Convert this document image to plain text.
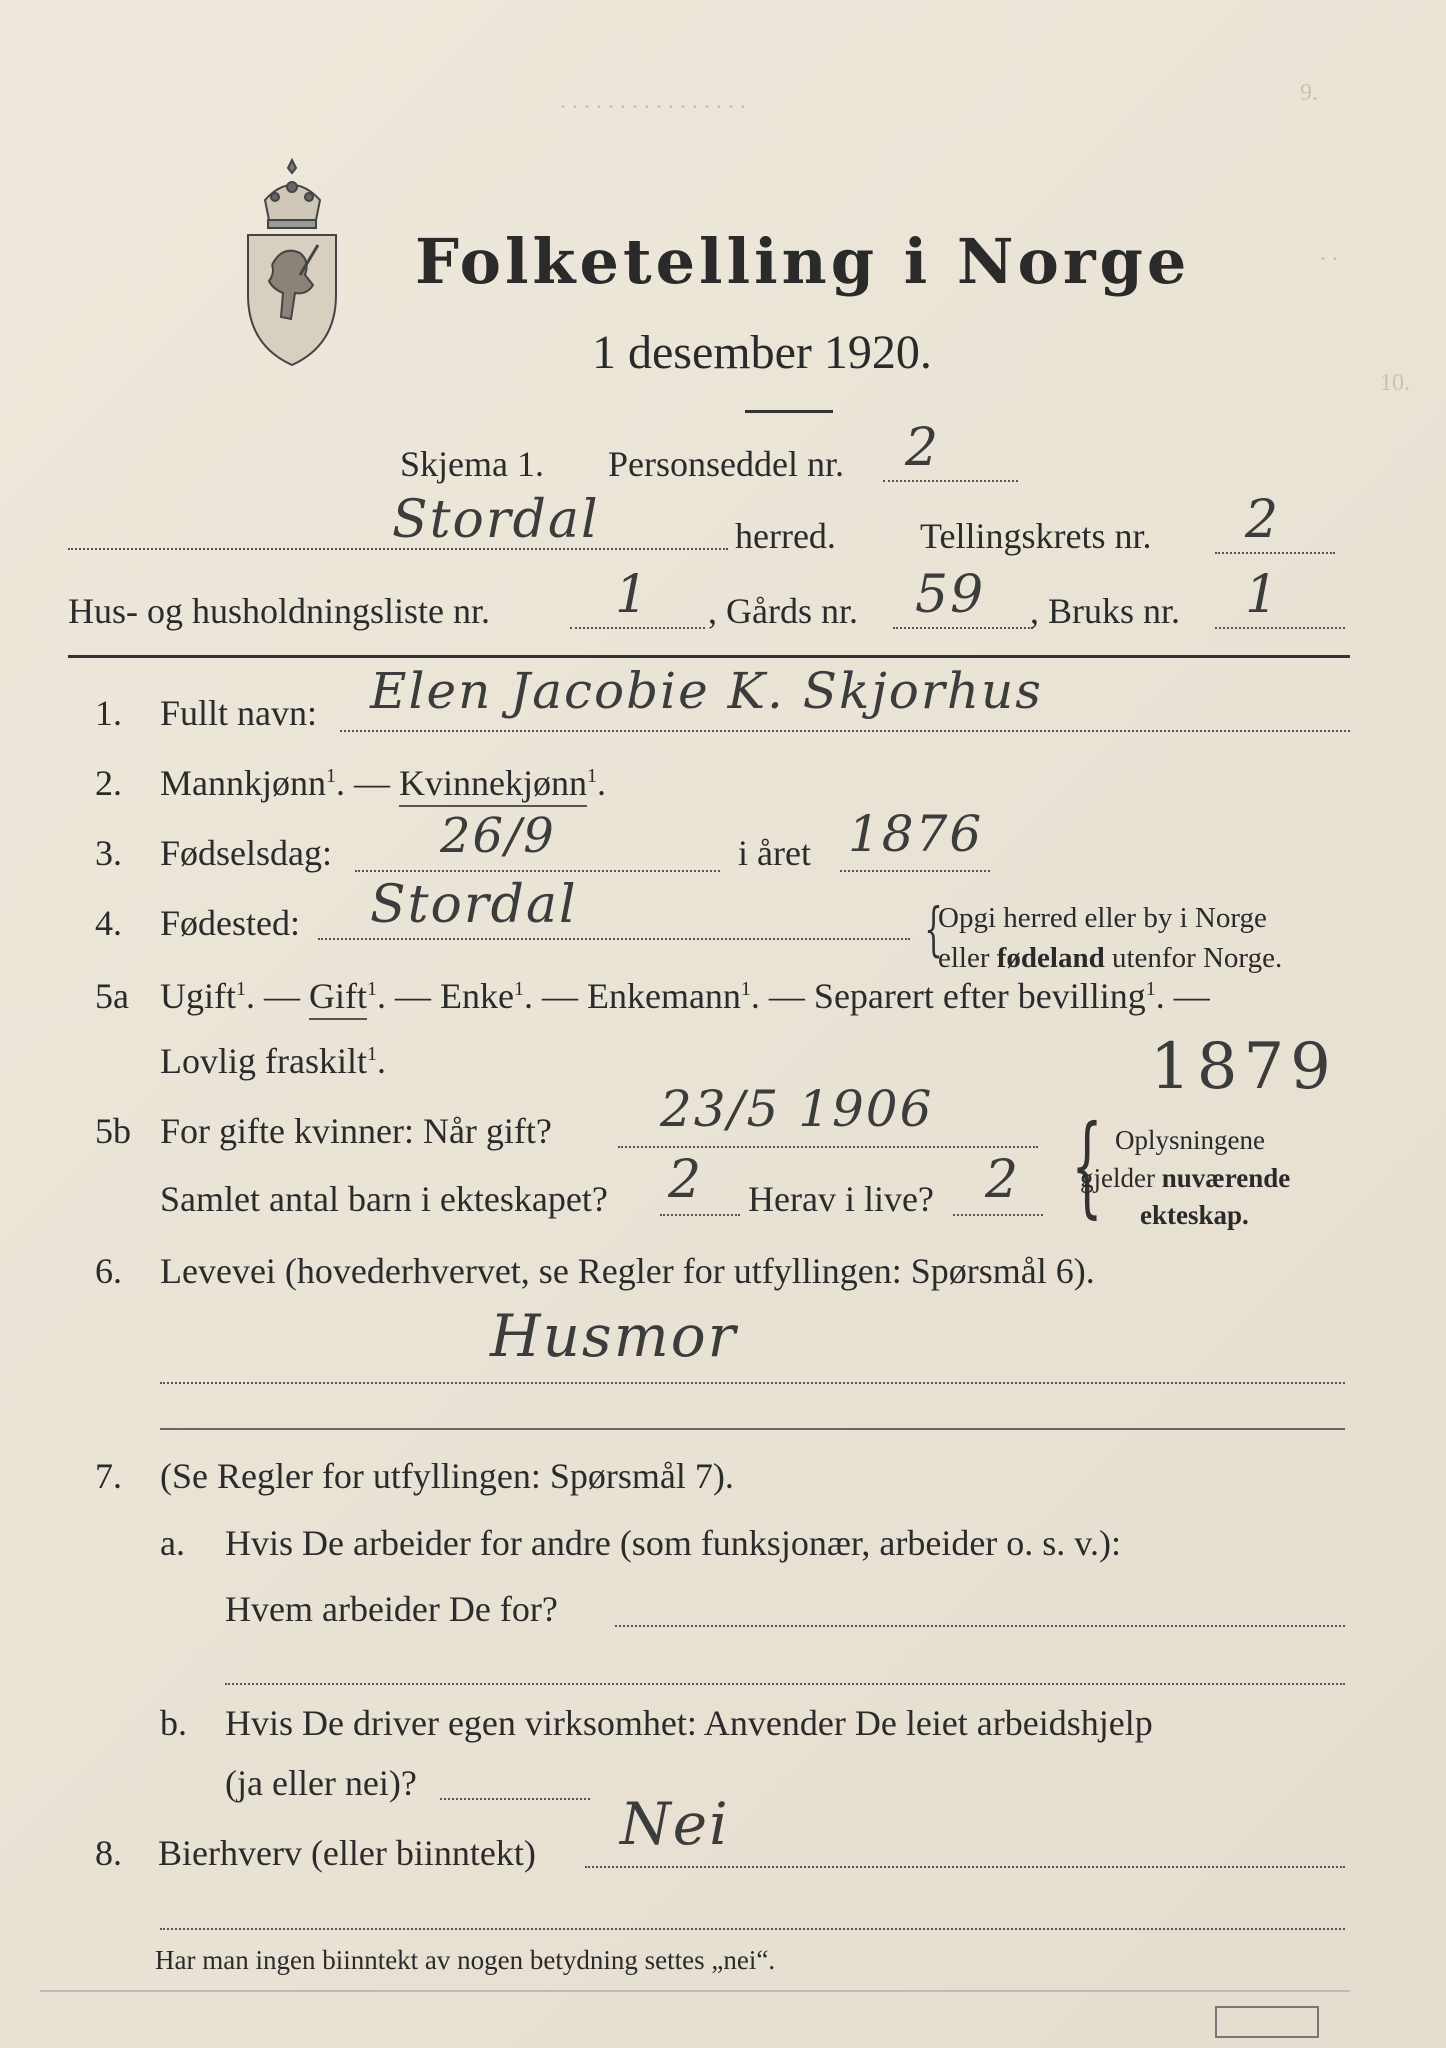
9.
. . . . . . . . . . . . . . . .
. .
10.
Folketelling i Norge
1 desember 1920.
Skjema 1. Personseddel nr. 2
Stordal	herred. Tellingskrets nr. 2
Hus- og husholdningsliste nr. 1 , Gårds nr. 59 , Bruks nr. 1
1. Fullt navn: Elen Jacobie K. Skjorhus
2. Mannkjønn$^1$. — Kvinnekjønn$^1$.
3. Fødselsdag: 26/9	i året 1876
4. Fødested: Stordal	{
Opgi herred eller by i Norge
eller fødeland utenfor Norge.
5a Ugift$^1$. — Gift$^1$. — Enke$^1$. — Enkemann$^1$. — Separert efter bevilling$^1$. —
Lovlig fraskilt$^1$.	1879
5b For gifte kvinner: Når gift? 23/5 1906
Samlet antal barn i ekteskapet? 2 Herav i live? 2 { Oplysningene
gjelder nuværende
ekteskap.
6. Levevei (hovederhvervet, se Regler for utfyllingen: Spørsmål 6).
Husmor
7. (Se Regler for utfyllingen: Spørsmål 7).
a. Hvis De arbeider for andre (som funksjonær, arbeider o. s. v.):
Hvem arbeider De for?
b. Hvis De driver egen virksomhet: Anvender De leiet arbeidshjelp
(ja eller nei)?
8. Bierhverv (eller biinntekt) Nei
Har man ingen biinntekt av nogen betydning settes „nei“.
